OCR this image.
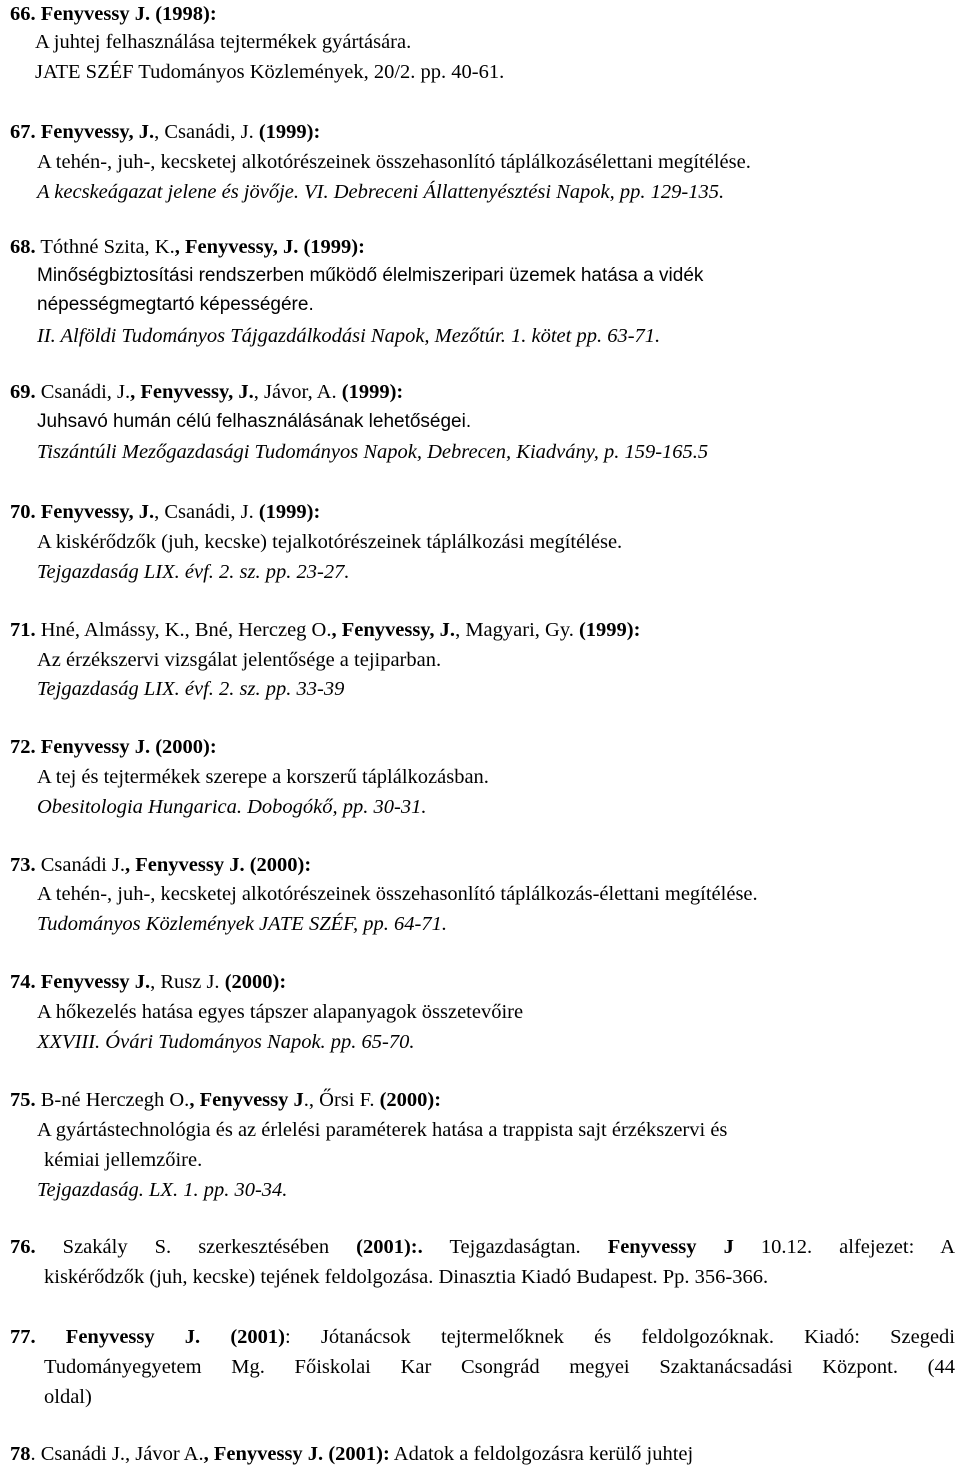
66. Fenyvessy J. (1998):
A juhtej felhasználása tejtermékek gyártására.
JATE SZÉF Tudományos Közlemények, 20/2. pp. 40-61.
67. Fenyvessy, J., Csanádi, J. (1999):
A tehén-, juh-, kecsketej alkotórészeinek összehasonlító táplálkozásélettani megítélése.
A kecskeágazat jelene és jövője. VI. Debreceni Állattenyésztési Napok, pp. 129-135.
68. Tóthné Szita, K., Fenyvessy, J. (1999):
Minőségbiztosítási rendszerben működő élelmiszeripari üzemek hatása a vidék
népességmegtartó képességére.
II. Alföldi Tudományos Tájgazdálkodási Napok, Mezőtúr. 1. kötet pp. 63-71.
69. Csanádi, J., Fenyvessy, J., Jávor, A. (1999):
Juhsavó humán célú felhasználásának lehetőségei.
Tiszántúli Mezőgazdasági Tudományos Napok, Debrecen, Kiadvány, p. 159-165.5
70. Fenyvessy, J., Csanádi, J. (1999):
A kiskérődzők (juh, kecske) tejalkotórészeinek táplálkozási megítélése.
Tejgazdaság LIX. évf. 2. sz. pp. 23-27.
71. Hné, Almássy, K., Bné, Herczeg O., Fenyvessy, J., Magyari, Gy. (1999):
Az érzékszervi vizsgálat jelentősége a tejiparban.
Tejgazdaság LIX. évf. 2. sz. pp. 33-39
72. Fenyvessy J. (2000):
A tej és tejtermékek szerepe a korszerű táplálkozásban.
Obesitologia Hungarica. Dobogókő, pp. 30-31.
73. Csanádi J., Fenyvessy J. (2000):
A tehén-, juh-, kecsketej alkotórészeinek összehasonlító táplálkozás-élettani megítélése.
Tudományos Közlemények JATE SZÉF, pp. 64-71.
74. Fenyvessy J., Rusz J. (2000):
A hőkezelés hatása egyes tápszer alapanyagok összetevőire
XXVIII. Óvári Tudományos Napok. pp. 65-70.
75. B-né Herczegh O., Fenyvessy J., Őrsi F. (2000):
A gyártástechnológia és az érlelési paraméterek hatása a trappista sajt érzékszervi és
kémiai jellemzőire.
Tejgazdaság. LX. 1. pp. 30-34.
76. Szakály S. szerkesztésében (2001):. Tejgazdaságtan. Fenyvessy J 10.12. alfejezet: A
kiskérődzők (juh, kecske) tejének feldolgozása. Dinasztia Kiadó Budapest. Pp. 356-366.
77. Fenyvessy J. (2001): Jótanácsok tejtermelőknek és feldolgozóknak. Kiadó: Szegedi
Tudományegyetem Mg. Főiskolai Kar Csongrád megyei Szaktanácsadási Központ. (44
oldal)
78. Csanádi J., Jávor A., Fenyvessy J. (2001): Adatok a feldolgozásra kerülő juhtej
